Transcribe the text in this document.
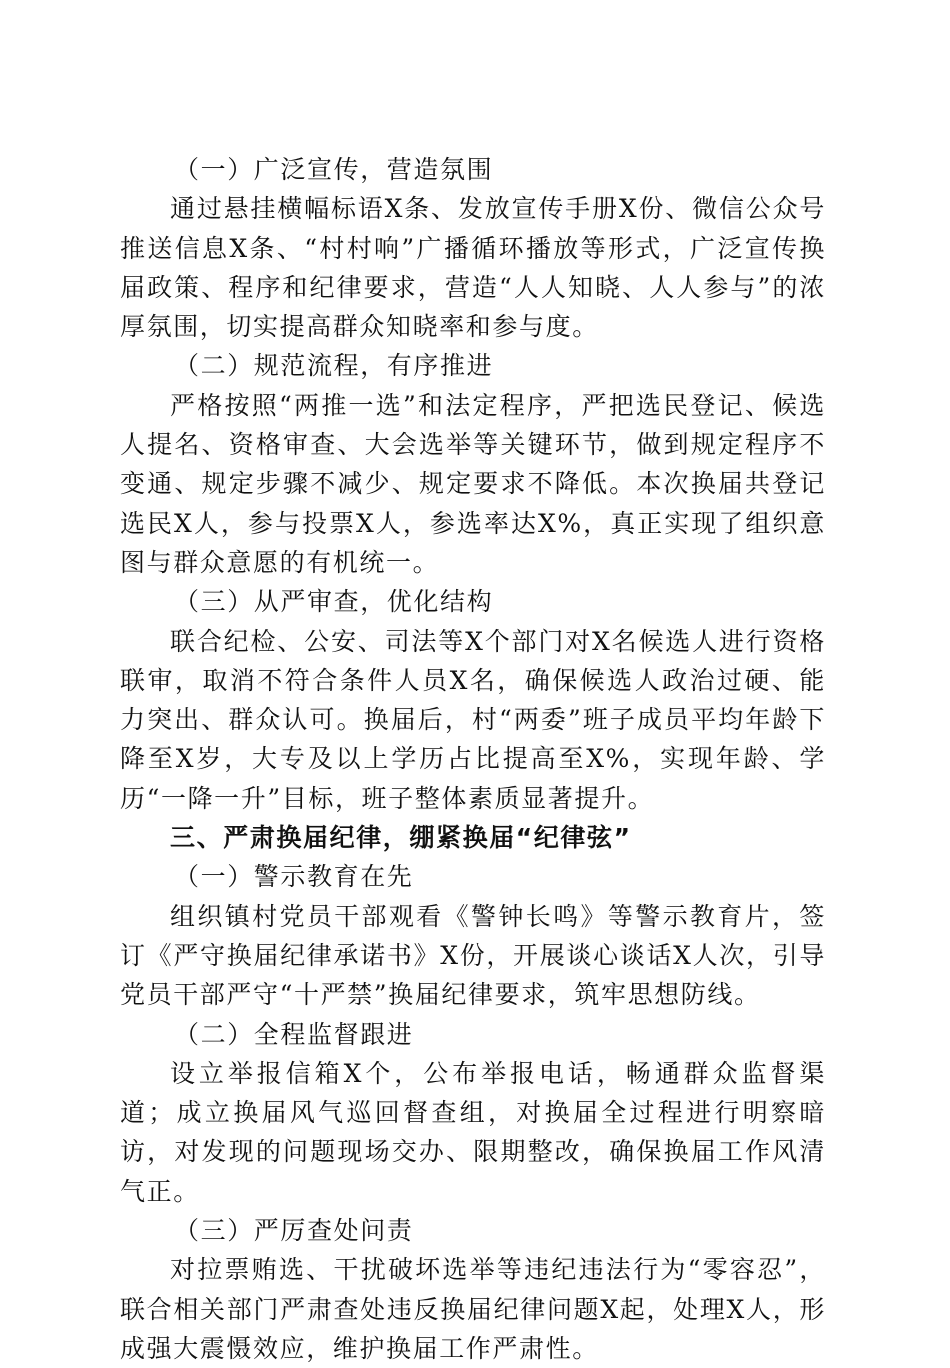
（一）广泛宣传，营造氛围

通过悬挂横幅标语X条、发放宣传手册X份、微信公众号推送信息X条、“村村响”广播循环播放等形式，广泛宣传换届政策、程序和纪律要求，营造“人人知晓、人人参与”的浓厚氛围，切实提高群众知晓率和参与度。

（二）规范流程，有序推进

严格按照“两推一选”和法定程序，严把选民登记、候选人提名、资格审查、大会选举等关键环节，做到规定程序不变通、规定步骤不减少、规定要求不降低。本次换届共登记选民X人，参与投票X人，参选率达X%，真正实现了组织意图与群众意愿的有机统一。

（三）从严审查，优化结构

联合纪检、公安、司法等X个部门对X名候选人进行资格联审，取消不符合条件人员X名，确保候选人政治过硬、能力突出、群众认可。换届后，村“两委”班子成员平均年龄下降至X岁，大专及以上学历占比提高至X%，实现年龄、学历“一降一升”目标，班子整体素质显著提升。

三、严肃换届纪律，绷紧换届“纪律弦”

（一）警示教育在先

组织镇村党员干部观看《警钟长鸣》等警示教育片，签订《严守换届纪律承诺书》X份，开展谈心谈话X人次，引导党员干部严守“十严禁”换届纪律要求，筑牢思想防线。

（二）全程监督跟进

设立举报信箱X个，公布举报电话，畅通群众监督渠道；成立换届风气巡回督查组，对换届全过程进行明察暗访，对发现的问题现场交办、限期整改，确保换届工作风清气正。

（三）严厉查处问责

对拉票贿选、干扰破坏选举等违纪违法行为“零容忍”，联合相关部门严肃查处违反换届纪律问题X起，处理X人，形成强大震慑效应，维护换届工作严肃性。
